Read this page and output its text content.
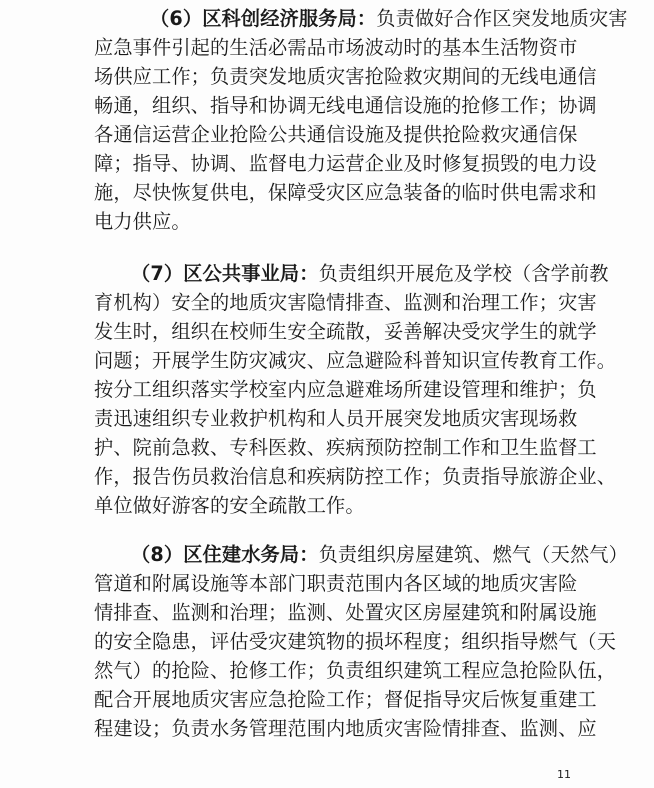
（6）区科创经济服务局：负责做好合作区突发地质灾害
应急事件引起的生活必需品市场波动时的基本生活物资市
场供应工作；负责突发地质灾害抢险救灾期间的无线电通信
畅通，组织、指导和协调无线电通信设施的抢修工作；协调
各通信运营企业抢险公共通信设施及提供抢险救灾通信保
障；指导、协调、监督电力运营企业及时修复损毁的电力设
施，尽快恢复供电，保障受灾区应急装备的临时供电需求和
电力供应。
（7）区公共事业局：负责组织开展危及学校（含学前教
育机构）安全的地质灾害隐情排查、监测和治理工作；灾害
发生时，组织在校师生安全疏散，妥善解决受灾学生的就学
问题；开展学生防灾减灾、应急避险科普知识宣传教育工作。
按分工组织落实学校室内应急避难场所建设管理和维护；负
责迅速组织专业救护机构和人员开展突发地质灾害现场救
护、院前急救、专科医救、疾病预防控制工作和卫生监督工
作，报告伤员救治信息和疾病防控工作；负责指导旅游企业、
单位做好游客的安全疏散工作。
（8）区住建水务局：负责组织房屋建筑、燃气（天然气）
管道和附属设施等本部门职责范围内各区域的地质灾害险
情排查、监测和治理；监测、处置灾区房屋建筑和附属设施
的安全隐患，评估受灾建筑物的损坏程度；组织指导燃气（天
然气）的抢险、抢修工作；负责组织建筑工程应急抢险队伍，
配合开展地质灾害应急抢险工作；督促指导灾后恢复重建工
程建设；负责水务管理范围内地质灾害险情排查、监测、应
11
